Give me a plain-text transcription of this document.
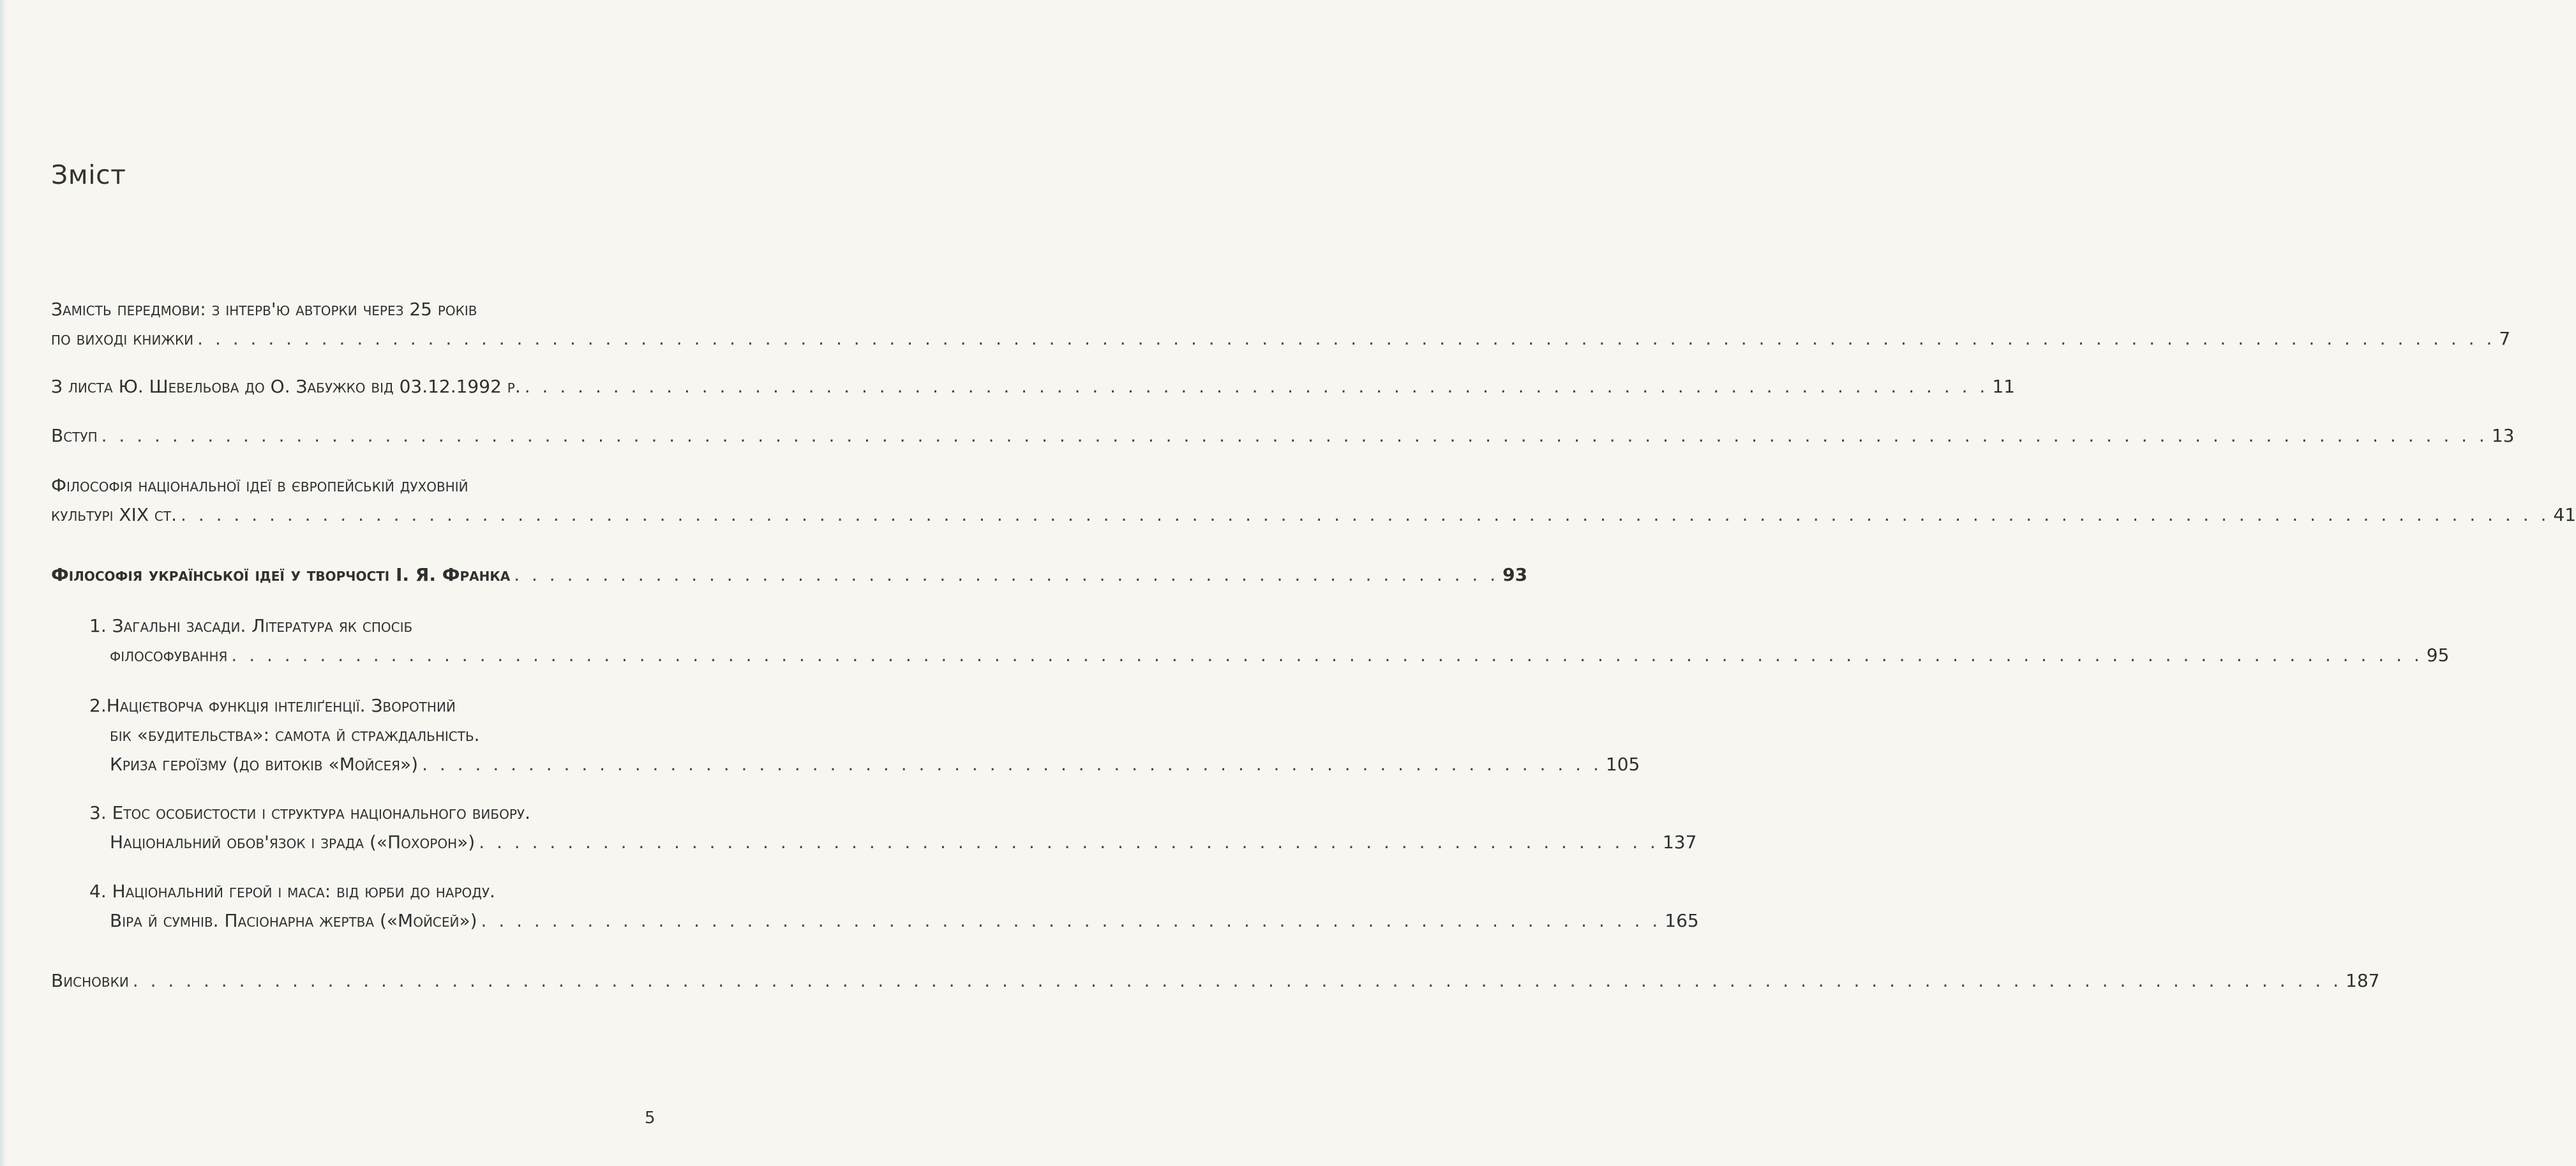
Зміст
Замість передмови: з інтерв'ю авторки через 25 років
по виході книжки . . . . . . . . . . . . . . . . . . . . . . . . . . . . . . . . . . . . . . . . . . . . . . . . . . . . . . . . . . . . . . . . . . . . . . . . . . . . . . . . . . . . . . . . . . . . . . . . . . . . . . . . . . . . . . . . . . . . . . . . . . . . . . . . . . 7
З листа Ю. Шевельова до О. Забужко від 03.12.1992 р. . . . . . . . . . . . . . . . . . . . . . . . . . . . . . . . . . . . . . . . . . . . . . . . . . . . . . . . . . . . . . . . . . . . . . . . . . . . . . . . . . . . 11
Вступ . . . . . . . . . . . . . . . . . . . . . . . . . . . . . . . . . . . . . . . . . . . . . . . . . . . . . . . . . . . . . . . . . . . . . . . . . . . . . . . . . . . . . . . . . . . . . . . . . . . . . . . . . . . . . . . . . . . . . . . . . . . . . . . . . . . . . . . 13
Філософія національної ідеї в європейській духовній
культурі XIX ст. . . . . . . . . . . . . . . . . . . . . . . . . . . . . . . . . . . . . . . . . . . . . . . . . . . . . . . . . . . . . . . . . . . . . . . . . . . . . . . . . . . . . . . . . . . . . . . . . . . . . . . . . . . . . . . . . . . . . . . . . . . . . . . . . . . . . . . 41
Філософія української ідеї у творчості І. Я. Франка . . . . . . . . . . . . . . . . . . . . . . . . . . . . . . . . . . . . . . . . . . . . . . . . . . . . . . . . 93
1. Загальні засади. Література як спосіб
філософування . . . . . . . . . . . . . . . . . . . . . . . . . . . . . . . . . . . . . . . . . . . . . . . . . . . . . . . . . . . . . . . . . . . . . . . . . . . . . . . . . . . . . . . . . . . . . . . . . . . . . . . . . . . . . . . . . . . . . . . . . . . . 95
2.Націєтворча функція інтеліґенції. Зворотний
бік «будительства»: самота й страждальність.
Криза героїзму (до витоків «Мойсея») . . . . . . . . . . . . . . . . . . . . . . . . . . . . . . . . . . . . . . . . . . . . . . . . . . . . . . . . . . . . . . . . . . . 105
3. Етос особистости і структура національного вибору.
Національний обов'язок і зрада («Похорон») . . . . . . . . . . . . . . . . . . . . . . . . . . . . . . . . . . . . . . . . . . . . . . . . . . . . . . . . . . . . . . . . . . . 137
4. Національний герой і маса: від юрби до народу.
Віра й сумнів. Пасіонарна жертва («Мойсей») . . . . . . . . . . . . . . . . . . . . . . . . . . . . . . . . . . . . . . . . . . . . . . . . . . . . . . . . . . . . . . . . . . . 165
Висновки . . . . . . . . . . . . . . . . . . . . . . . . . . . . . . . . . . . . . . . . . . . . . . . . . . . . . . . . . . . . . . . . . . . . . . . . . . . . . . . . . . . . . . . . . . . . . . . . . . . . . . . . . . . . . . . . . . . . . . . . . . . . . 187
5
